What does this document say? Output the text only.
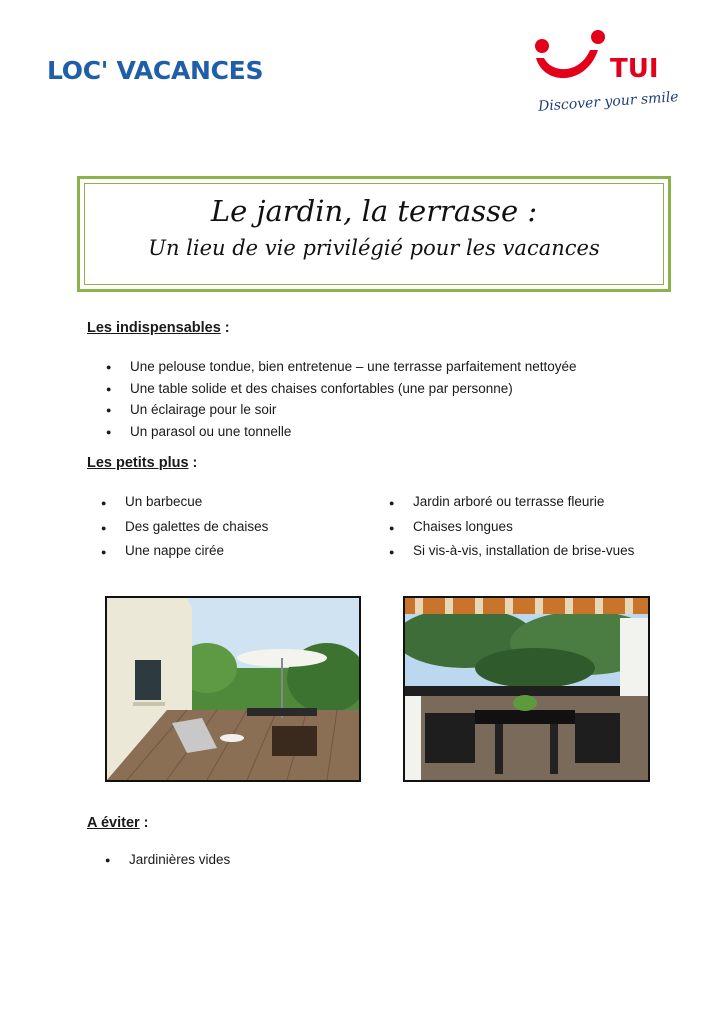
LOC' VACANCES	TUI
Discover your smile
Le jardin, la terrasse :
Un lieu de vie privilégié pour les vacances
Les indispensables :
● Une pelouse tondue, bien entretenue – une terrasse parfaitement nettoyée
● Une table solide et des chaises confortables (une par personne)
● Un éclairage pour le soir
● Un parasol ou une tonnelle
Les petits plus :
● Un barbecue
● Des galettes de chaises
● Une nappe cirée
● Jardin arboré ou terrasse fleurie
● Chaises longues
● Si vis-à-vis, installation de brise-vues
A éviter :
● Jardinières vides
